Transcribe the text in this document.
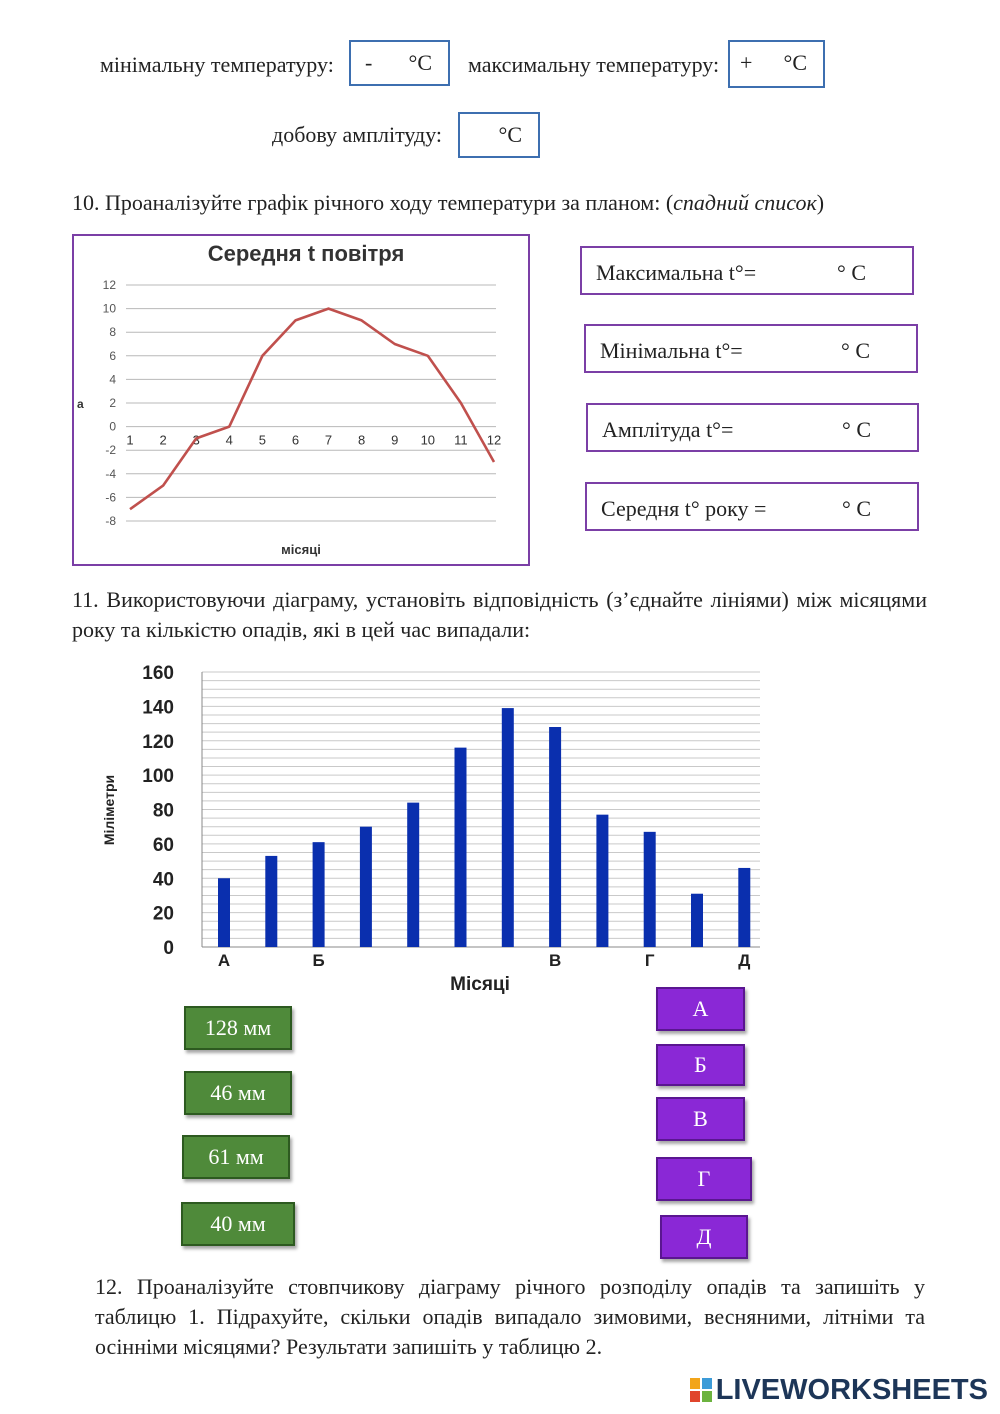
мінімальну температуру: - °С максимальну температуру: + °С
добову амплітуду:	°С
10. Проаналізуйте графік річного ходу температури за планом: (спадний список)
Середня t повітря
12
10
8
6
4
2
0
-2
-4
-6
-8
1 2 3 4 5 6 7 8 9 10 11 12
а
місяці
Максимальна t°=	° С
Мінімальна t°=	° С
Амплітуда t°=	° С
Середня t° року =	° С
11. Використовуючи діаграму, установіть відповідність (з’єднайте лініями) між місяцями року та кількістю опадів, які в цей час випадали:
0
20
40
60
80
100
120
140
160
А	Б	В	Г	Д
Місяці
Міліметри
128 мм
46 мм
61 мм
40 мм
А
Б
В
Г
Д
12. Проаналізуйте стовпчикову діаграму річного розподілу опадів та запишіть у таблицю 1. Підрахуйте, скільки опадів випадало зимовими, весняними, літніми та осінніми місяцями? Результати запишіть у таблицю 2.
LIVEWORKSHEETS
